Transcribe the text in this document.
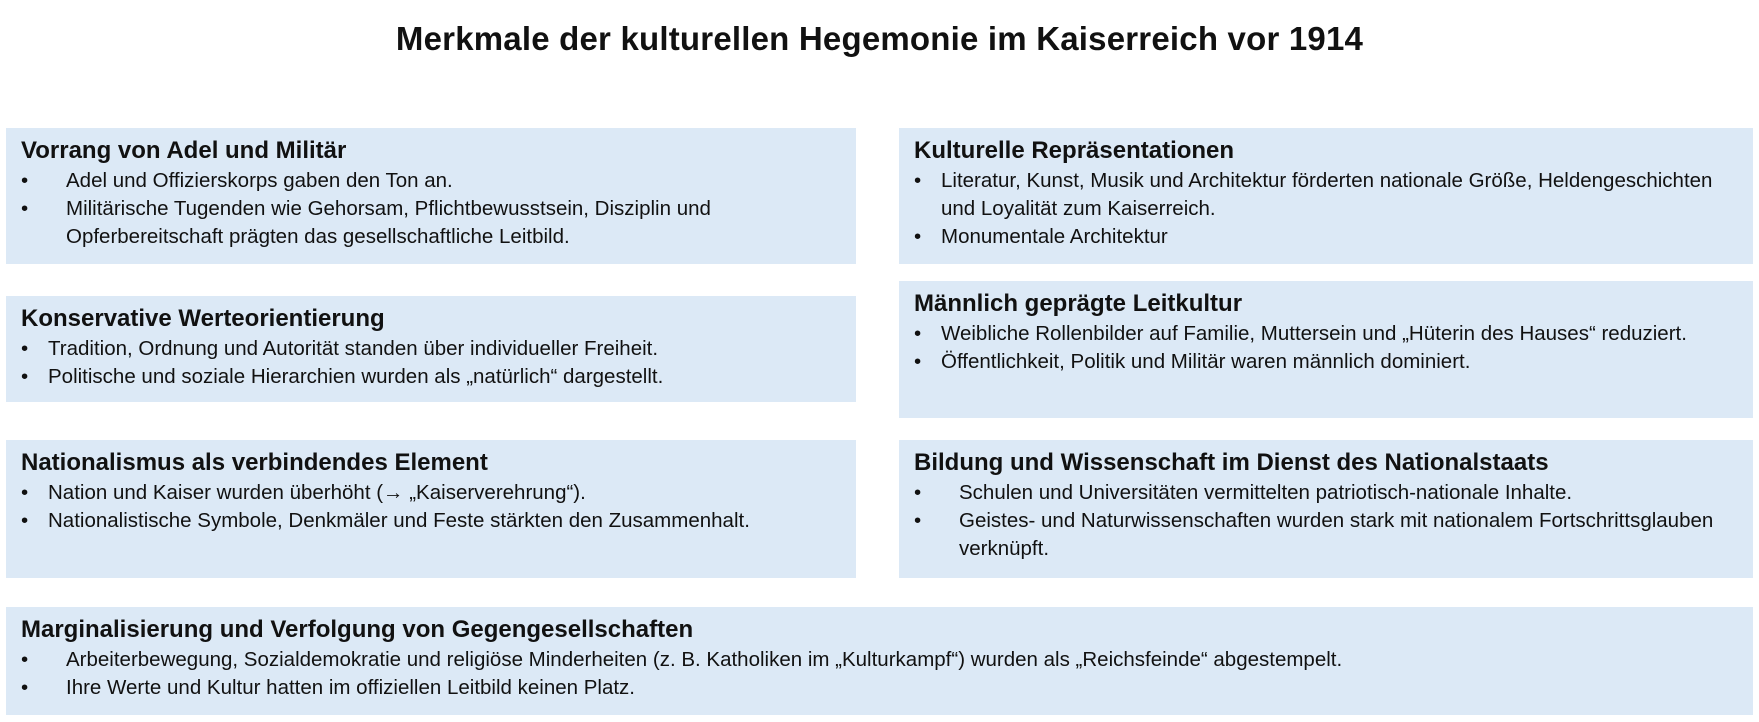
Merkmale der kulturellen Hegemonie im Kaiserreich vor 1914
Vorrang von Adel und Militär
• Adel und Offizierskorps gaben den Ton an.
• Militärische Tugenden wie Gehorsam, Pflichtbewusstsein, Disziplin und Opferbereitschaft prägten das gesellschaftliche Leitbild.
Konservative Werteorientierung
• Tradition, Ordnung und Autorität standen über individueller Freiheit.
• Politische und soziale Hierarchien wurden als „natürlich“ dargestellt.
Nationalismus als verbindendes Element
• Nation und Kaiser wurden überhöht (→ „Kaiserverehrung“).
• Nationalistische Symbole, Denkmäler und Feste stärkten den Zusammenhalt.
Kulturelle Repräsentationen
• Literatur, Kunst, Musik und Architektur förderten nationale Größe, Heldengeschichten und Loyalität zum Kaiserreich.
• Monumentale Architektur
Männlich geprägte Leitkultur
• Weibliche Rollenbilder auf Familie, Muttersein und „Hüterin des Hauses“ reduziert.
• Öffentlichkeit, Politik und Militär waren männlich dominiert.
Bildung und Wissenschaft im Dienst des Nationalstaats
• Schulen und Universitäten vermittelten patriotisch-nationale Inhalte.
• Geistes- und Naturwissenschaften wurden stark mit nationalem Fortschrittsglauben verknüpft.
Marginalisierung und Verfolgung von Gegengesellschaften
• Arbeiterbewegung, Sozialdemokratie und religiöse Minderheiten (z. B. Katholiken im „Kulturkampf“) wurden als „Reichsfeinde“ abgestempelt.
• Ihre Werte und Kultur hatten im offiziellen Leitbild keinen Platz.
